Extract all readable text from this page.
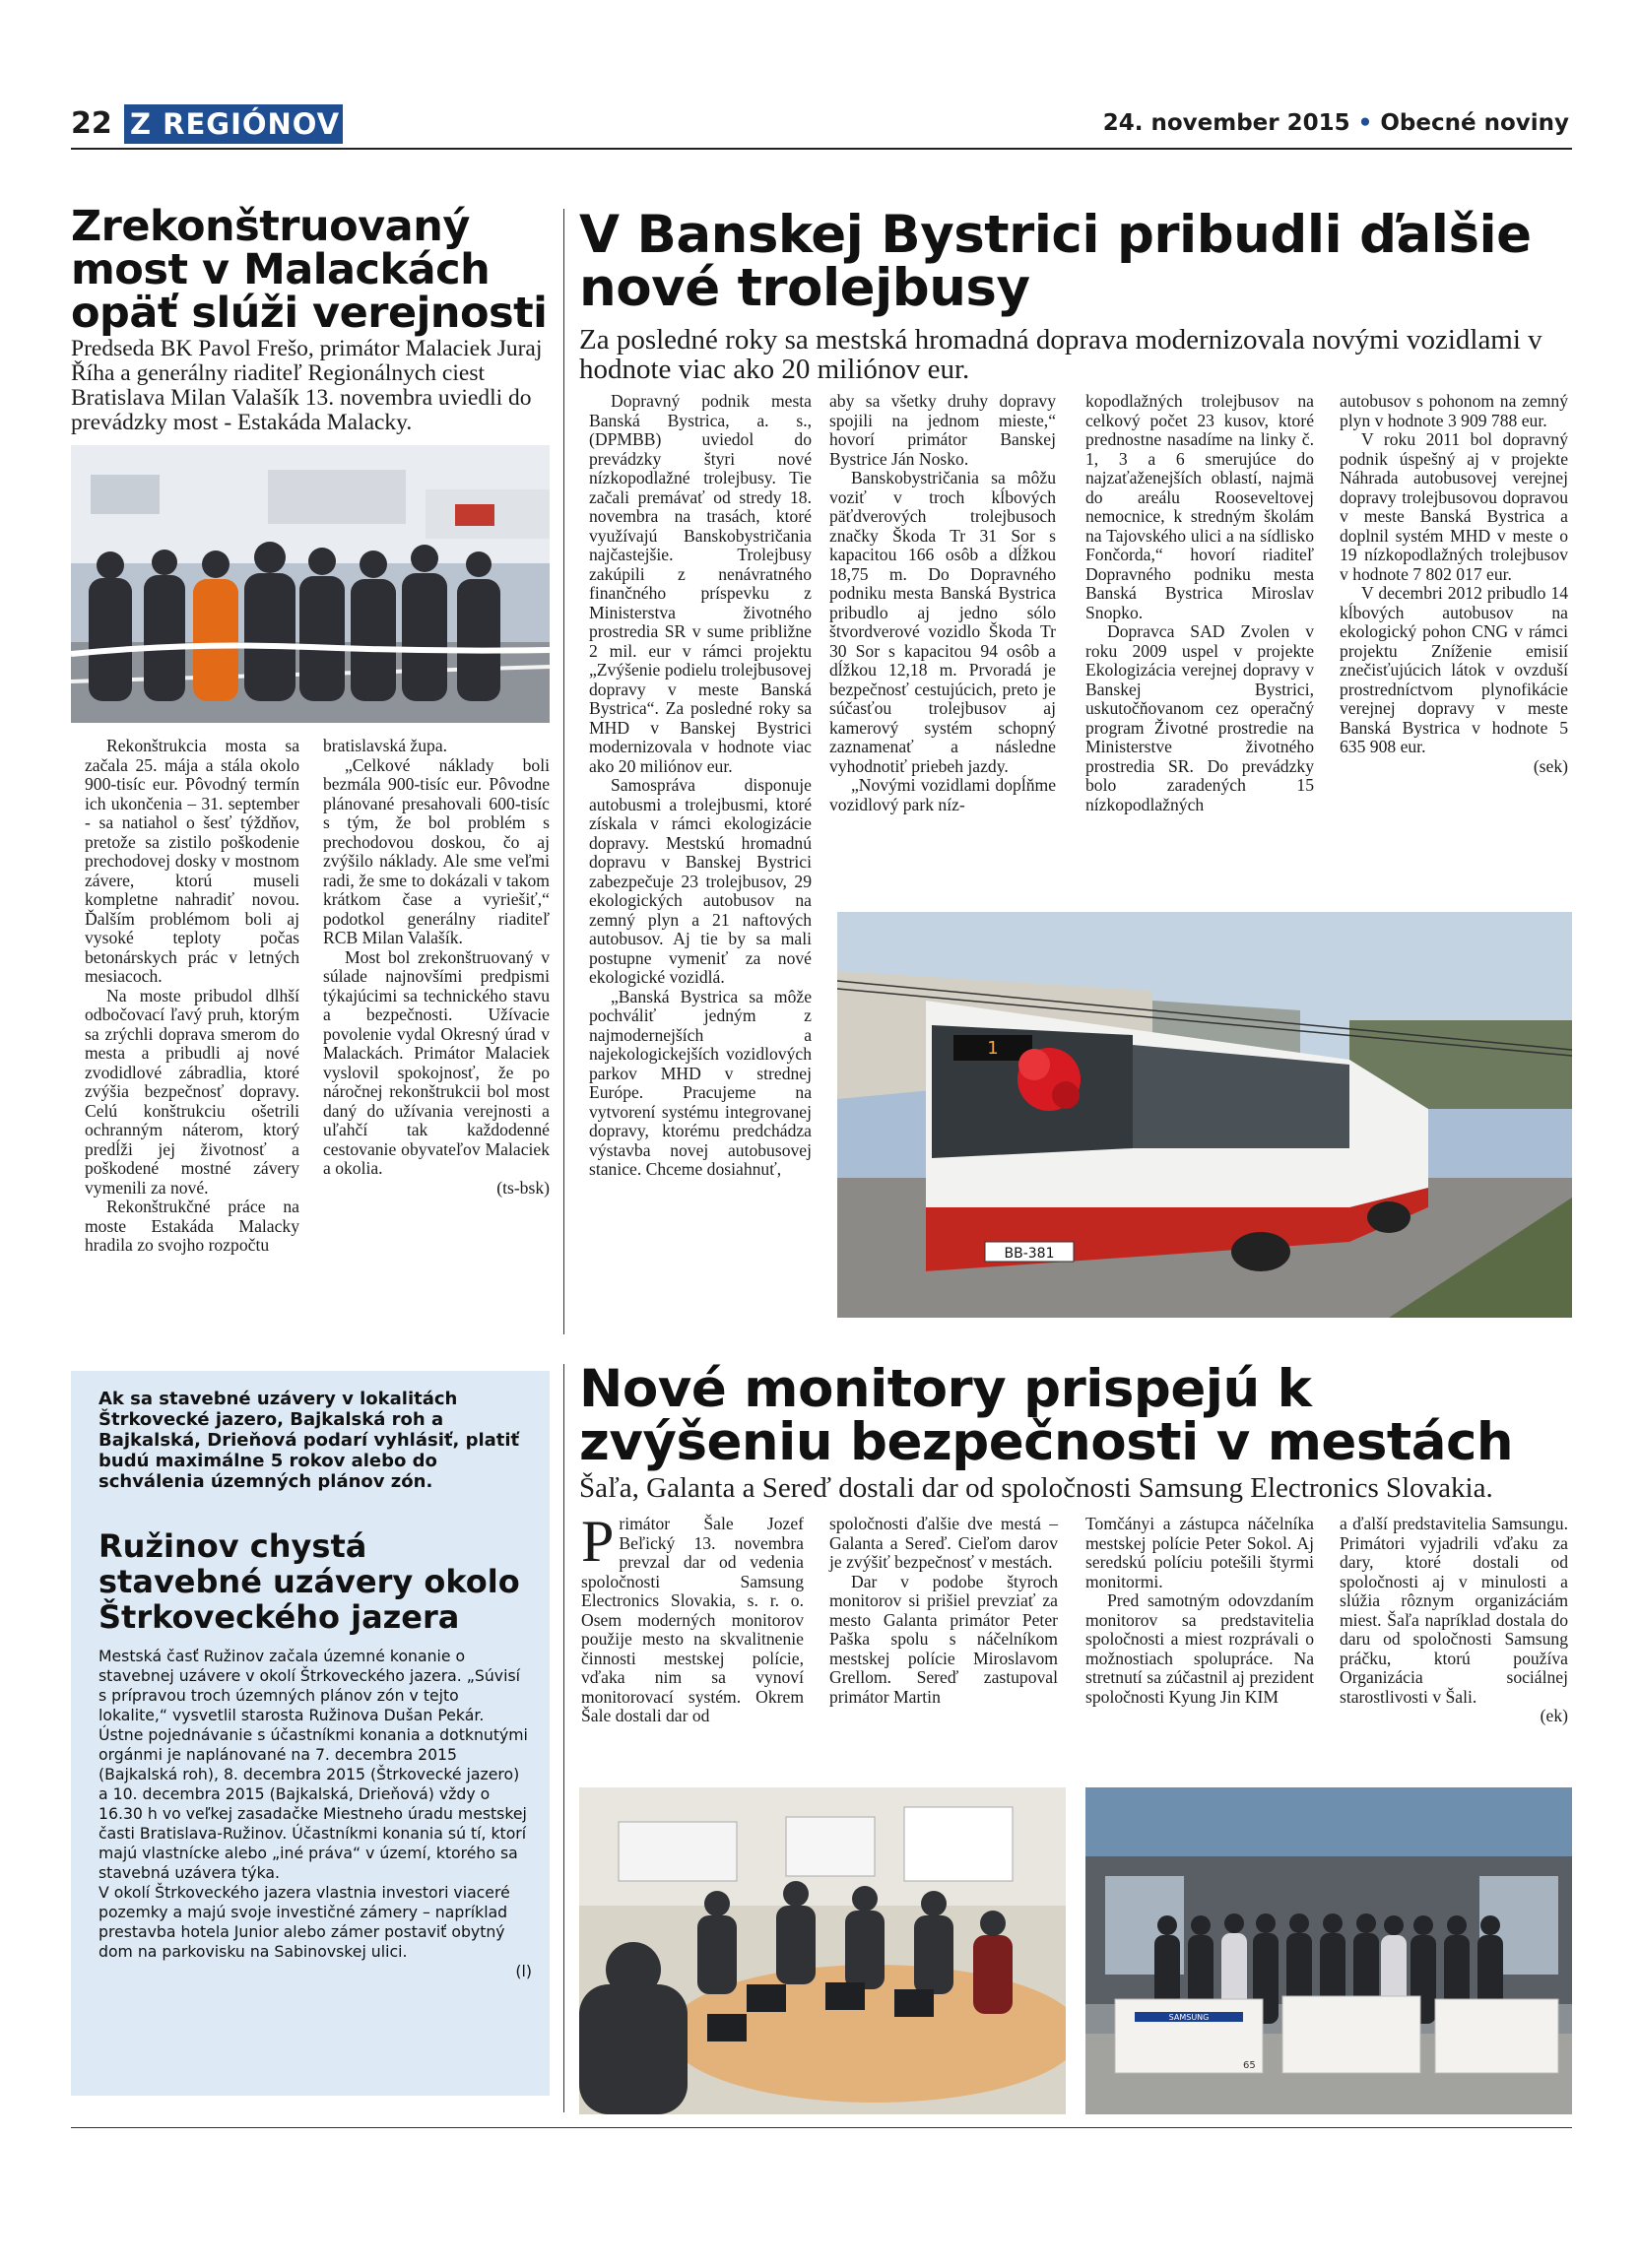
22 Z REGIÓNOV	24. november 2015 • Obecné noviny
Zrekonštruovaný most v Malackách opäť slúži verejnosti
Predseda BK Pavol Frešo, primátor Malaciek Juraj Říha a generálny riaditeľ Regionálnych ciest Bratislava Milan Valašík 13. novembra uviedli do prevádzky most - Estakáda Malacky.

Rekonštrukcia mosta sa začala 25. mája a stála okolo 900-tisíc eur. Pôvodný termín ich ukončenia – 31. september - sa natiahol o šesť týždňov, pretože sa zistilo poškodenie prechodovej dosky v mostnom závere, ktorú museli kompletne nahradiť novou. Ďalším problémom boli aj vysoké teploty počas betonárskych prác v letných mesiacoch.

Na moste pribudol dlhší odbočovací ľavý pruh, ktorým sa zrýchli doprava smerom do mesta a pribudli aj nové zvodidlové zábradlia, ktoré zvýšia bezpečnosť dopravy. Celú konštrukciu ošetrili ochranným náterom, ktorý predĺži jej životnosť a poškodené mostné závery vymenili za nové.

Rekonštrukčné práce na moste Estakáda Malacky hradila zo svojho rozpočtu

bratislavská župa.

„Celkové náklady boli bezmála 900-tisíc eur. Pôvodne plánované presahovali 600-tisíc s tým, že bol problém s prechodovou doskou, čo aj zvýšilo náklady. Ale sme veľmi radi, že sme to dokázali v takom krátkom čase a vyriešiť,“ podotkol generálny riaditeľ RCB Milan Valašík.

Most bol zrekonštruovaný v súlade najnovšími predpismi týkajúcimi sa technického stavu a bezpečnosti. Užívacie povolenie vydal Okresný úrad v Malackách. Primátor Malaciek vyslovil spokojnosť, že po náročnej rekonštrukcii bol most daný do užívania verejnosti a uľahčí tak každodenné cestovanie obyvateľov Malaciek a okolia.

(ts-bsk)

V Banskej Bystrici pribudli ďalšie nové trolejbusy
Za posledné roky sa mestská hromadná doprava modernizovala novými vozidlami v hodnote viac ako 20 miliónov eur.

Dopravný podnik mesta Banská Bystrica, a. s., (DPMBB) uviedol do prevádzky štyri nové nízkopodlažné trolejbusy. Tie začali premávať od stredy 18. novembra na trasách, ktoré využívajú Banskobystričania najčastejšie. Trolejbusy zakúpili z nenávratného finančného príspevku z Ministerstva životného prostredia SR v sume približne 2 mil. eur v rámci projektu „Zvýšenie podielu trolejbusovej dopravy v meste Banská Bystrica“. Za posledné roky sa MHD v Banskej Bystrici modernizovala v hodnote viac ako 20 miliónov eur.

Samospráva disponuje autobusmi a trolejbusmi, ktoré získala v rámci ekologizácie dopravy. Mestskú hromadnú dopravu v Banskej Bystrici zabezpečuje 23 trolejbusov, 29 ekologických autobusov na zemný plyn a 21 naftových autobusov. Aj tie by sa mali postupne vymeniť za nové ekologické vozidlá.

„Banská Bystrica sa môže pochváliť jedným z najmodernejších a najekologickejších vozidlových parkov MHD v strednej Európe. Pracujeme na vytvorení systému integrovanej dopravy, ktorému predchádza výstavba novej autobusovej stanice. Chceme dosiahnuť,

aby sa všetky druhy dopravy spojili na jednom mieste,“ hovorí primátor Banskej Bystrice Ján Nosko.

Banskobystričania sa môžu voziť v troch kĺbových päťdverových trolejbusoch značky Škoda Tr 31 Sor s kapacitou 166 osôb a dĺžkou 18,75 m. Do Dopravného podniku mesta Banská Bystrica pribudlo aj jedno sólo štvordverové vozidlo Škoda Tr 30 Sor s kapacitou 94 osôb a dĺžkou 12,18 m. Prvoradá je bezpečnosť cestujúcich, preto je súčasťou trolejbusov aj kamerový systém schopný zaznamenať a následne vyhodnotiť priebeh jazdy.

„Novými vozidlami dopĺňme vozidlový park níz-

kopodlažných trolejbusov na celkový počet 23 kusov, ktoré prednostne nasadíme na linky č. 1, 3 a 6 smerujúce do najzaťaženejších oblastí, najmä do areálu Rooseveltovej nemocnice, k stredným školám na Tajovského ulici a na sídlisko Fončorda,“ hovorí riaditeľ Dopravného podniku mesta Banská Bystrica Miroslav Snopko.

Dopravca SAD Zvolen v roku 2009 uspel v projekte Ekologizácia verejnej dopravy v Banskej Bystrici, uskutočňovanom cez operačný program Životné prostredie na Ministerstve životného prostredia SR. Do prevádzky bolo zaradených 15 nízkopodlažných

autobusov s pohonom na zemný plyn v hodnote 3 909 788 eur.

V roku 2011 bol dopravný podnik úspešný aj v projekte Náhrada autobusovej verejnej dopravy trolejbusovou dopravou v meste Banská Bystrica a doplnil systém MHD v meste o 19 nízkopodlažných trolejbusov v hodnote 7 802 017 eur.

V decembri 2012 pribudlo 14 kĺbových autobusov na ekologický pohon CNG v rámci projektu Zníženie emisií znečisťujúcich látok v ovzduší prostredníctvom plynofikácie verejnej dopravy v meste Banská Bystrica v hodnote 5 635 908 eur.

(sek)

1
BB-381
Ak sa stavebné uzávery v lokalitách Štrkovecké jazero, Bajkalská roh a Bajkalská, Drieňová podarí vyhlásiť, platiť budú maximálne 5 rokov alebo do schválenia územných plánov zón.
Ružinov chystá stavebné uzávery okolo Štrkoveckého jazera

Mestská časť Ružinov začala územné konanie o stavebnej uzávere v okolí Štrkoveckého jazera. „Súvisí s prípravou troch územných plánov zón v tejto lokalite,“ vysvetlil starosta Ružinova Dušan Pekár.

Ústne pojednávanie s účastníkmi konania a dotknutými orgánmi je naplánované na 7. decembra 2015 (Bajkalská roh), 8. decembra 2015 (Štrkovecké jazero) a 10. decembra 2015 (Bajkalská, Drieňová) vždy o 16.30 h vo veľkej zasadačke Miestneho úradu mestskej časti Bratislava-Ružinov. Účastníkmi konania sú tí, ktorí majú vlastnícke alebo „iné práva“ v území, ktorého sa stavebná uzávera týka.

V okolí Štrkoveckého jazera vlastnia investori viaceré pozemky a majú svoje investičné zámery – napríklad prestavba hotela Junior alebo zámer postaviť obytný dom na parkovisku na Sabinovskej ulici.

(l)

Nové monitory prispejú k zvýšeniu bezpečnosti v mestách
Šaľa, Galanta a Sereď dostali dar od spoločnosti Samsung Electronics Slovakia.

Primátor Šale Jozef Beľický 13. novembra prevzal dar od vedenia spoločnosti Samsung Electronics Slovakia, s. r. o. Osem moderných monitorov použije mesto na skvalitnenie činnosti mestskej polície, vďaka nim sa vynoví monitorovací systém. Okrem Šale dostali dar od

spoločnosti ďalšie dve mestá – Galanta a Sereď. Cieľom darov je zvýšiť bezpečnosť v mestách.

Dar v podobe štyroch monitorov si prišiel prevziať za mesto Galanta primátor Peter Paška spolu s náčelníkom mestskej polície Miroslavom Grellom. Sereď zastupoval primátor Martin

Tomčányi a zástupca náčelníka mestskej polície Peter Sokol. Aj seredskú políciu potešili štyrmi monitormi.

Pred samotným odovzdaním monitorov sa predstavitelia spoločnosti a miest rozprávali o možnostiach spolupráce. Na stretnutí sa zúčastnil aj prezident spoločnosti Kyung Jin KIM

a ďalší predstavitelia Samsungu. Primátori vyjadrili vďaku za dary, ktoré dostali od spoločnosti aj v minulosti a slúžia rôznym organizáciám miest. Šaľa napríklad dostala do daru od spoločnosti Samsung práčku, ktorú používa Organizácia sociálnej starostlivosti v Šali.

(ek)

SAMSUNG
65
